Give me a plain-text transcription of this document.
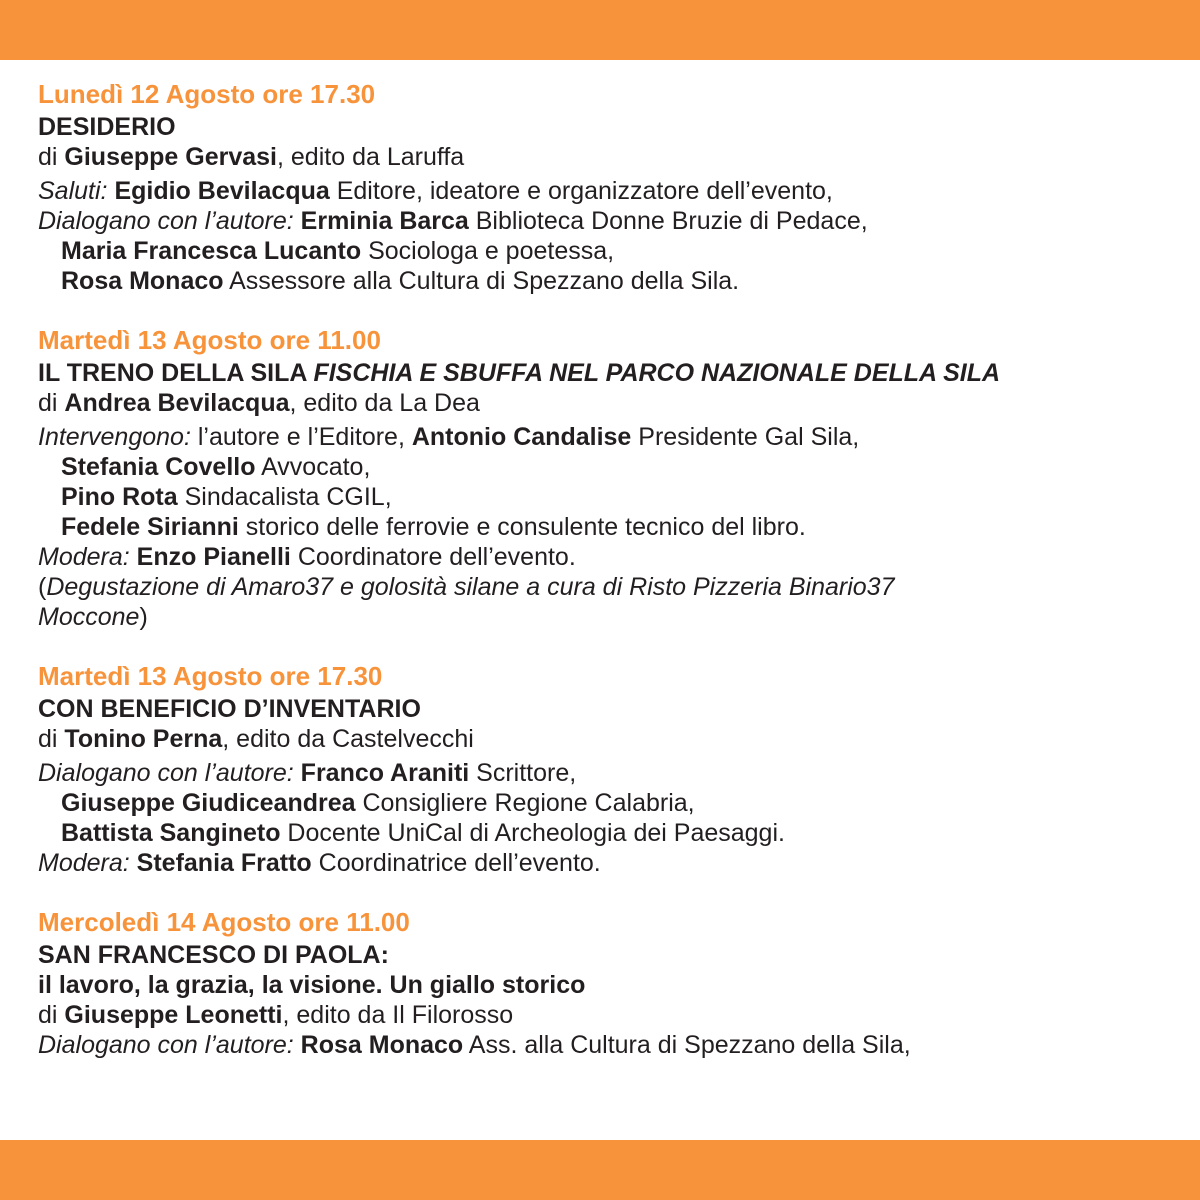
Lunedì 12 Agosto ore 17.30
DESIDERIO
di Giuseppe Gervasi, edito da Laruffa
Saluti: Egidio Bevilacqua Editore, ideatore e organizzatore dell’evento,
Dialogano con l’autore: Erminia Barca Biblioteca Donne Bruzie di Pedace,
Maria Francesca Lucanto Sociologa e poetessa,
Rosa Monaco Assessore alla Cultura di Spezzano della Sila.
Martedì 13 Agosto ore 11.00
IL TRENO DELLA SILA FISCHIA E SBUFFA NEL PARCO NAZIONALE DELLA SILA
di Andrea Bevilacqua, edito da La Dea
Intervengono: l’autore e l’Editore, Antonio Candalise Presidente Gal Sila,
Stefania Covello Avvocato,
Pino Rota Sindacalista CGIL,
Fedele Sirianni storico delle ferrovie e consulente tecnico del libro.
Modera: Enzo Pianelli Coordinatore dell’evento.
(Degustazione di Amaro37 e golosità silane a cura di Risto Pizzeria Binario37
Moccone)
Martedì 13 Agosto ore 17.30
CON BENEFICIO D’INVENTARIO
di Tonino Perna, edito da Castelvecchi
Dialogano con l’autore: Franco Araniti Scrittore,
Giuseppe Giudiceandrea Consigliere Regione Calabria,
Battista Sangineto Docente UniCal di Archeologia dei Paesaggi.
Modera: Stefania Fratto Coordinatrice dell’evento.
Mercoledì 14 Agosto ore 11.00
SAN FRANCESCO DI PAOLA:
il lavoro, la grazia, la visione. Un giallo storico
di Giuseppe Leonetti, edito da Il Filorosso
Dialogano con l’autore: Rosa Monaco Ass. alla Cultura di Spezzano della Sila,
